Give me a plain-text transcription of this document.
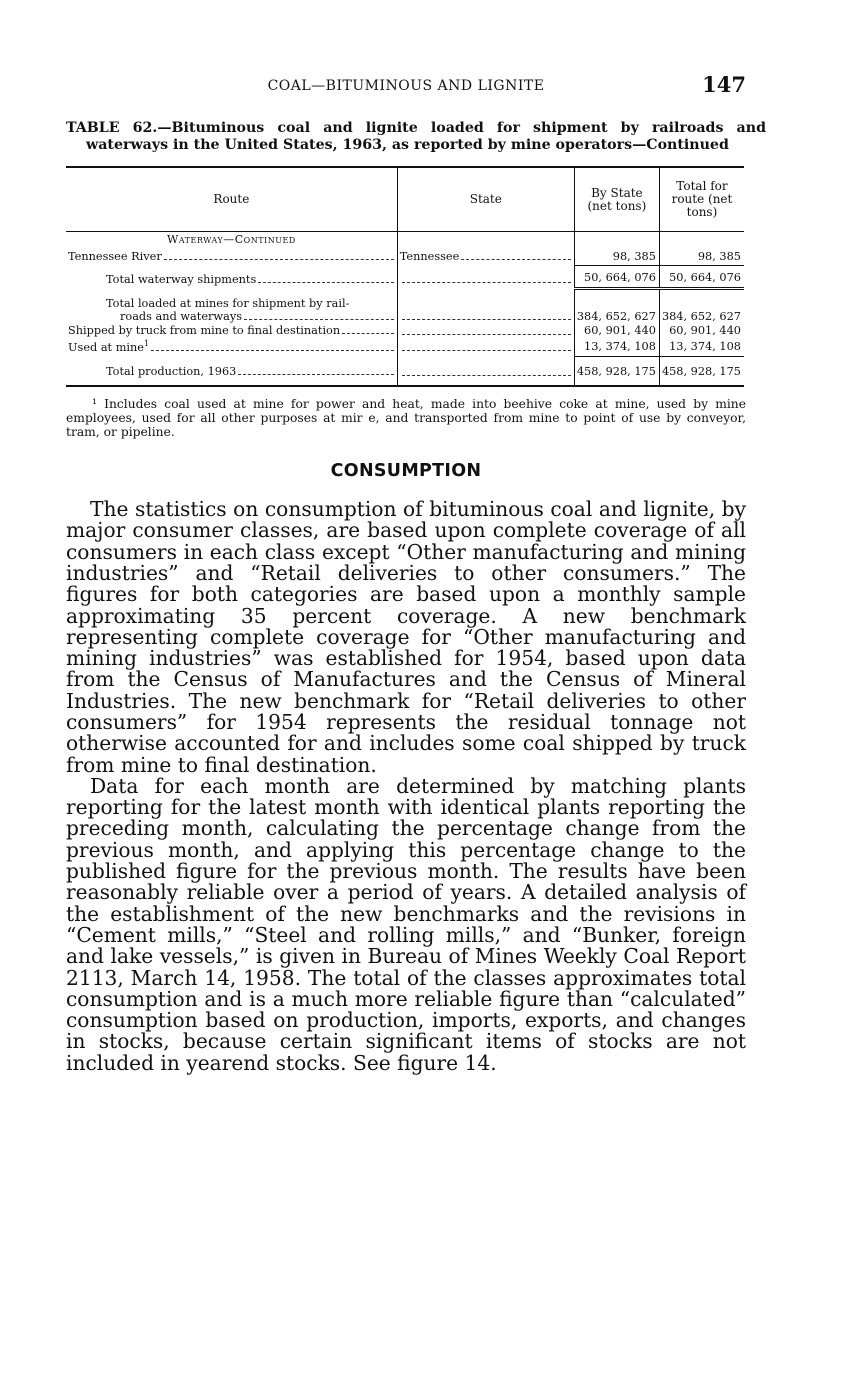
COAL—BITUMINOUS AND LIGNITE	147
TABLE 62.—Bituminous coal and lignite loaded for shipment by railroads and waterways in the United States, 1963, as reported by mine operators—Continued
Route	State	By State (net tons)	Total for route (net tons)
Waterway—Continued			

Tennessee River	Tennessee	98, 385	98, 385

Total waterway shipments		50, 664, 076	50, 664, 076

Total loaded at mines for shipment by rail-
roads and waterways		384, 652, 627	384, 652, 627

Shipped by truck from mine to final destination		60, 901, 440	60, 901, 440

Used at mine$^1$		13, 374, 108	13, 374, 108

Total production, 1963		458, 928, 175	458, 928, 175
¹ Includes coal used at mine for power and heat, made into beehive coke at mine, used by mine employees, used for all other purposes at mir e, and transported from mine to point of use by conveyor, tram, or pipeline.
CONSUMPTION

The statistics on consumption of bituminous coal and lignite, by major consumer classes, are based upon complete coverage of all consumers in each class except “Other manufacturing and mining industries” and “Retail deliveries to other consumers.” The figures for both categories are based upon a monthly sample approximating 35 percent coverage. A new benchmark representing complete coverage for “Other manufacturing and mining industries” was established for 1954, based upon data from the Census of Manufactures and the Census of Mineral Industries. The new benchmark for “Retail deliveries to other consumers” for 1954 represents the residual tonnage not otherwise accounted for and includes some coal shipped by truck from mine to final destination.

Data for each month are determined by matching plants reporting for the latest month with identical plants reporting the preceding month, calculating the percentage change from the previous month, and applying this percentage change to the published figure for the previous month. The results have been reasonably reliable over a period of years. A detailed analysis of the establishment of the new benchmarks and the revisions in “Cement mills,” “Steel and rolling mills,” and “Bunker, foreign and lake vessels,” is given in Bureau of Mines Weekly Coal Report 2113, March 14, 1958. The total of the classes approximates total consumption and is a much more reliable figure than “calculated” consumption based on production, imports, exports, and changes in stocks, because certain significant items of stocks are not included in yearend stocks. See figure 14.
